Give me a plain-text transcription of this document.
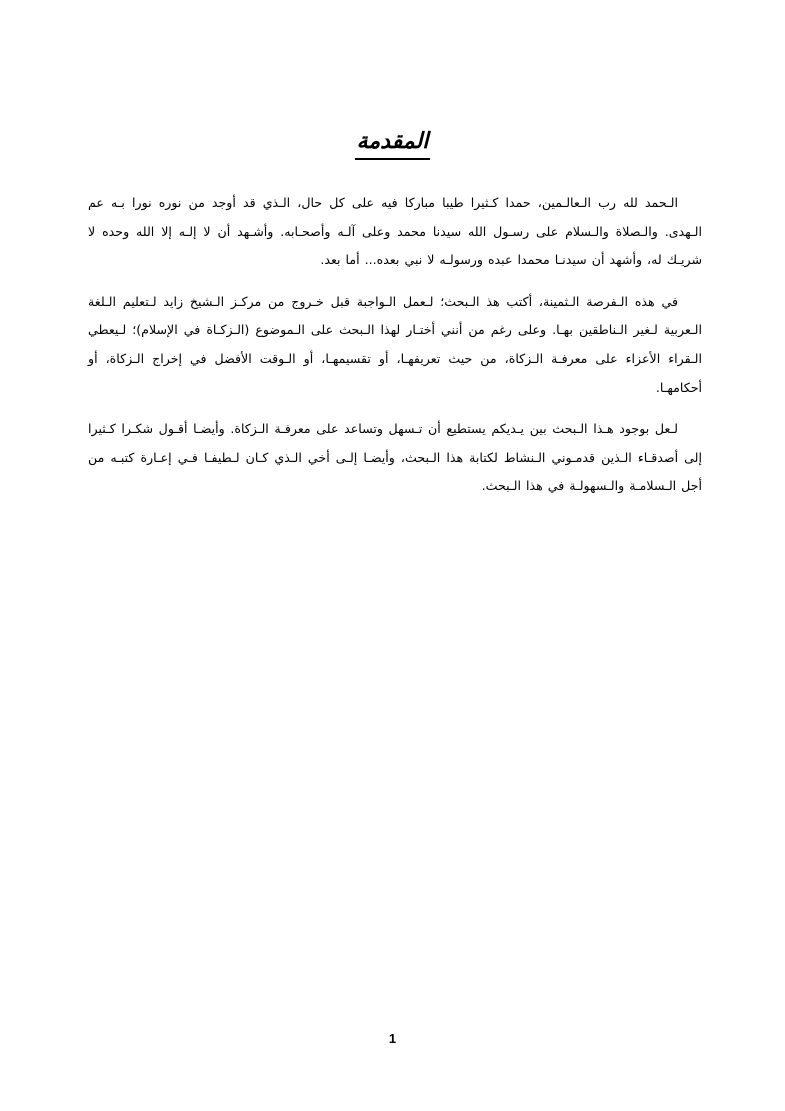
المقدمة

الـحمد لله رب الـعالـمين، حمدا كـثيرا طيبا مباركا فيه على كل حال، الـذي قد أوجد من نوره نورا بـه عم الـهدى. والـصلاة والـسلام على رسـول الله سيدنا محمد وعلى آلـه وأصحـابه. وأشـهد أن لا إلـه إلا الله وحده لا شريـك له، وأشهد أن سيدنـا محمدا عبده ورسولـه لا نبي بعده... أما بعد.

في هذه الـفرصة الـثمينة، أكتب هذ الـبحث؛ لـعمل الـواجبة قبل خـروج من مركـز الـشيخ زايد لـتعليم الـلغة الـعربية لـغير الـناطقين بهـا. وعلى رغم من أنني أختـار لهذا الـبحث على الـموضوع (الـزكـاة في الإسلام)؛ لـيعطي الـقراء الأعزاء على معرفـة الـزكاة، من حيث تعريفهـا، أو تقسيمهـا، أو الـوقت الأفضل في إخراج الـزكاة، أو أحكامهـا.

لـعل بوجود هـذا الـبحث بين يـديكم يستطيع أن تـسهل وتساعد على معرفـة الـزكاة. وأيضـا أقـول شكـرا كـثيرا إلى أصدقـاء الـذين قدمـوني الـنشاط لكتابة هذا الـبحث، وأيضـا إلـى أخي الـذي كـان لـطيفـا فـي إعـارة كتبـه من أجل الـسلامـة والـسهولـة في هذا الـبحث.

1
